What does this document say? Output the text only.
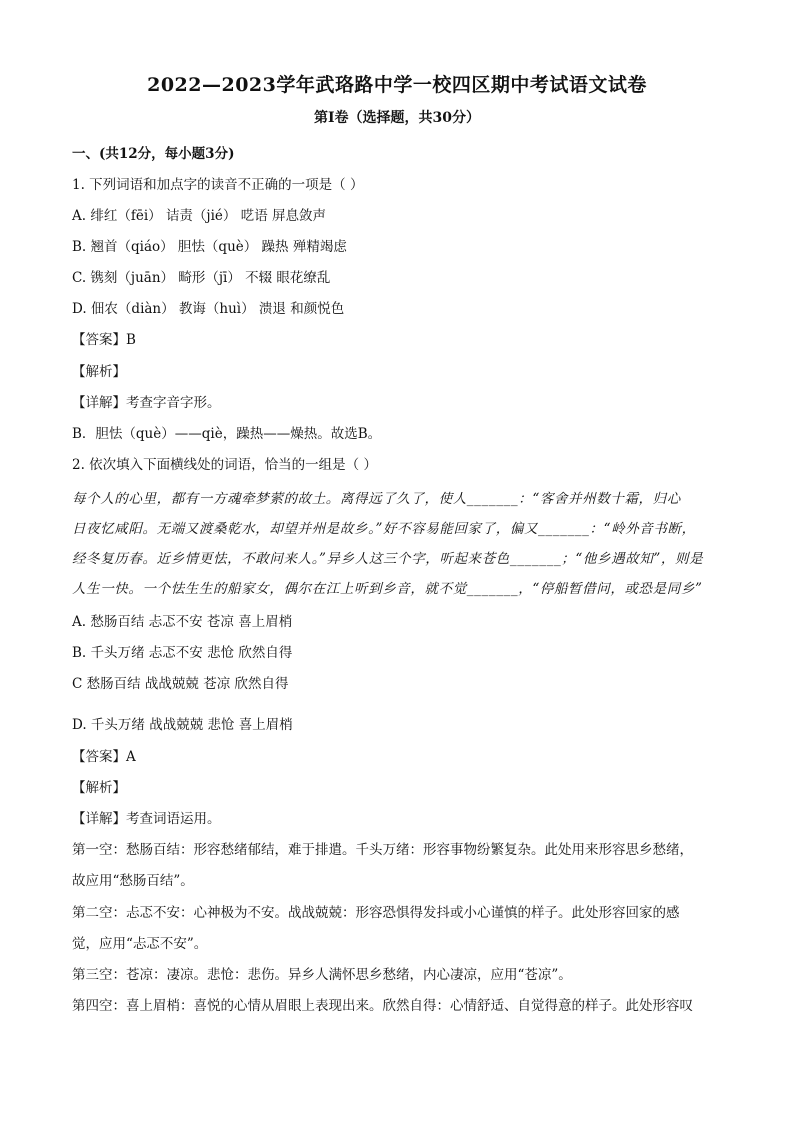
2022—2023学年武珞路中学一校四区期中考试语文试卷
第Ⅰ卷（选择题，共30分）
一、(共12分，每小题3分)
1. 下列词语和加点字的读音不正确的一项是（ ）
A. 绯红（fēi） 诘责（jié） 呓语 屏息敛声
B. 翘首（qiáo） 胆怯（què） 躁热 殚精竭虑
C. 镌刻（juān） 畸形（jī） 不辍 眼花缭乱
D. 佃农（diàn） 教诲（huì） 溃退 和颜悦色
【答案】B
【解析】
【详解】考查字音字形。
B．胆怯（què）——qiè，躁热——燥热。故选B。
2. 依次填入下面横线处的词语，恰当的一组是（ ）
每个人的心里，都有一方魂牵梦萦的故土。离得远了久了，使人_______：“客舍并州数十霜，归心
日夜忆咸阳。无端又渡桑乾水，却望并州是故乡。”好不容易能回家了，偏又_______：“岭外音书断，
经冬复历春。近乡情更怯，不敢问来人。”异乡人这三个字，听起来苍色_______；“他乡遇故知”，则是
人生一快。一个怯生生的船家女，偶尔在江上听到乡音，就不觉_______，“停船暂借问，或恐是同乡”
A. 愁肠百结 忐忑不安 苍凉 喜上眉梢
B. 千头万绪 忐忑不安 悲怆 欣然自得
C 愁肠百结 战战兢兢 苍凉 欣然自得
D. 千头万绪 战战兢兢 悲怆 喜上眉梢
【答案】A
【解析】
【详解】考查词语运用。
第一空：愁肠百结：形容愁绪郁结，难于排遣。千头万绪：形容事物纷繁复杂。此处用来形容思乡愁绪，
故应用“愁肠百结”。
第二空：忐忑不安：心神极为不安。战战兢兢：形容恐惧得发抖或小心谨慎的样子。此处形容回家的感
觉，应用“忐忑不安”。
第三空：苍凉：凄凉。悲怆：悲伤。异乡人满怀思乡愁绪，内心凄凉，应用“苍凉”。
第四空：喜上眉梢：喜悦的心情从眉眼上表现出来。欣然自得：心情舒适、自觉得意的样子。此处形容叹
